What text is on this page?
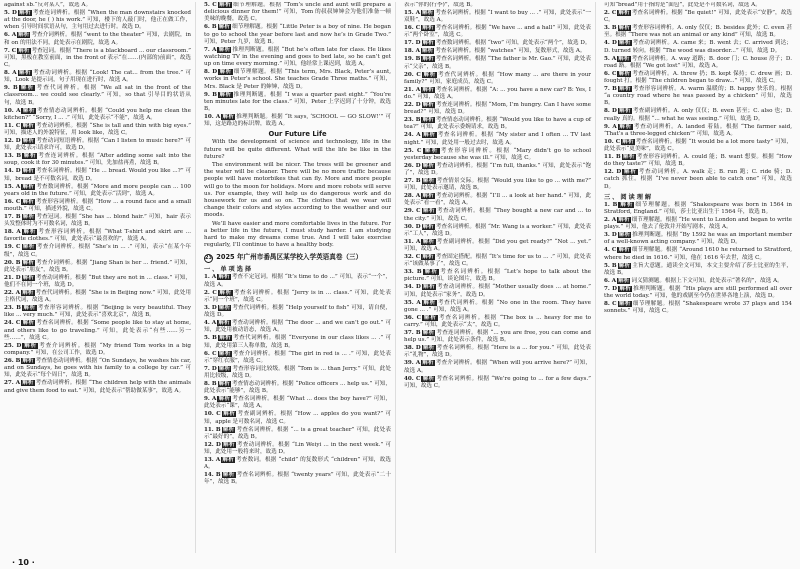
against sb.“反对某人”，故选 A。
5. D 解析 考查连词辨析。根据 “When the man downstairs knocked at the door, he ( ) his work.” 可知，楼下的人敲门时，他正在做工作，when 引导时间状语从句，主句用过去进行时。故选 D。
6. A 解析 考查介词辨析。根据 “went to the theater” 可知，去剧院，in 和 on 的用法不同，此处表示在剧院，故选 A。
7. C 解析 考查冠词。根据 “There is a blackboard ... our classroom.” 可知，黑板在教室前面，in the front of 表示“在……(内部的)前面”，故选 C。
8. A 解析 考查动词辨析。根据 “Look! The cat... from the tree.” 可知，Look 是提示词，句子用现在进行时，故选 A。
9. B 解析 考查代词辨析。根据 “We all sat in the front of the classroom... we could see clearly.” 可知，so that 引导目的状语从句，故选 B。
10. A 解析 考查情态动词辨析。根据 “Could you help me clean the kitchen?” “Sorry, I ... .” 可知，此处表示“不能”，故选 A。
11. C 解析 考查动词辨析。根据 “She is tall and thin with big eyes.” 可知，描述人的外貌特征，用 look like，故选 C。
12. D 解析 考查动词短语辨析。根据 “Can I listen to music here?” 可知，此处表示请求许可，故选 D。
13. B 解析 考查连词辨析。根据 “After adding some salt into the soup, cook it for 30 minutes.” 可知，先加盐再煮，故选 B。
14. D 解析 考查名词辨析。根据 “He ... bread. Would you like ...?” 可知，bread 是不可数名词，故选 D。
15. A 解析 考查数词辨析。根据 “More and more people can ... 100 years old in the future.” 可知，此处表示“活到”，故选 A。
16. C 解析 考查形容词辨析。根据 “How ... a round face and a small mouth.” 可知，描述外貌，故选 C。
17. B 解析 考查冠词。根据 “She has ... blond hair.” 可知，hair 表示头发整体时为不可数名词，故选 B。
18. A 解析 考查形容词辨析。根据 “What T-shirt and skirt are ... favorite clothes.” 可知，此处表示“最喜欢的”，故选 A。
19. C 解析 考查介词辨析。根据 “She’s in ... .” 可知，表示“在某个年级”，故选 C。
20. B 解析 考查介词辨析。根据 “Jiang Shan is her ... friend.” 可知，此处表示“朋友”，故选 B。
21. D 解析 考查动词辨析。根据 “But they are not in ... class.” 可知，他们不在同一个班，故选 D。
22. A 解析 考查代词辨析。根据 “She is in Beijing now.” 可知，此处用主格代词，故选 A。
23. B 解析 考查形容词辨析。根据 “Beijing is very beautiful. They like ... very much.” 可知，此处表示“喜欢北京”，故选 B。
24. C 解析 考查名词辨析。根据 “Some people like to stay at home, and others like to go traveling.” 可知，此处表示“有些……另一些……”，故选 C。
25. D 解析 考查介词辨析。根据 “My friend Tom works in a big company.” 可知，在公司工作，故选 D。
26. B 解析 考查情态动词辨析。根据 “On Sundays, he washes his car, and on Sundays, he goes with his family to a college by car.” 可知，此处表示“每个周日”，故选 B。
27. A 解析 考查动词辨析。根据 “The children help with the animals and give them food to eat.” 可知，此处表示“帮助做某事”，故选 A。
5. C 解析 细节理解题。根据 “Tom’s uncle and aunt will prepare a delicious dinner for them!” 可知，Tom 的叔叔婶婶会为他们准备一顿美味的晚餐，故选 C。
6. B 解析 细节理解题。根据 “Little Peter is a boy of nine. He began to go to school the year before last and now he’s in Grade Two.” 可知，Peter 九岁，故选 B。
7. A 解析 推理判断题。根据 “But he’s often late for class. He likes watching TV in the evening and goes to bed late, so he can’t get up on time every morning.” 可知，他经常上课迟到，故选 A。
8. D 解析 细节理解题。根据 “This term, Mrs. Black, Peter’s aunt, works in Peter’s school. She teaches Grade Three maths.” 可知，Mrs. Black 是 Peter 的婶婶，故选 D。
9. B 解析 推理判断题。根据 “I was a quarter past eight.” “You’re ten minutes late for the class.” 可知，Peter 上学迟到了十分钟，故选 B。
10. A 解析 推理判断题。根据 “It says, ‘SCHOOL — GO SLOW!’” 可知，这是路边的标识牌，故选 A。
Our Future Life

With the development of science and technology, life in the future will be quite different. What will the life be like in the future?

The environment will be nicer. The trees will be greener and the water will be cleaner. There will be no more traffic because people will have motorbikes that can fly. More and more people will go to the moon for holidays. More and more robots will serve us. For example, they will help us do dangerous work and do housework for us and so on. The clothes that we wear will change their colors and styles according to the weather and our moods.

We’ll have easier and more comfortable lives in the future. For a better life in the future, I must study harder. I am studying hard to make my dreams come true. And I will take exercise regularly, I’ll continue to have a healthy body.

23 2025 年广州市番禺区某学校入学英语真卷（三）
一、单项选择
1. A 解析 考查不定冠词。根据 “It’s time to do ...” 可知，表示“一个”，故选 A。
2. C 解析 考查名词辨析。根据 “Jerry is in ... class.” 可知，此处表示“同一个班”，故选 C。
3. D 解析 考查代词辨析。根据 “Help yourself to fish” 可知，请自便，故选 D。
4. A 解析 考查动词辨析。根据 “The door ... and we can’t go out.” 可知，此处用被动语态，故选 A。
5. B 解析 考查代词辨析。根据 “Everyone in our class likes ... .” 可知，此处用第三人称单数，故选 B。
6. C 解析 考查介词辨析。根据 “The girl in red is ... .” 可知，此处表示“穿红衣服”，故选 C。
7. D 解析 考查形容词比较级。根据 “Tom is ... than Jerry.” 可知，此处用比较级，故选 D。
8. B 解析 考查情态动词辨析。根据 “Police officers ... help us.” 可知，此处表示“能够”，故选 B。
9. A 解析 考查名词辨析。根据 “What ... does the boy have?” 可知，此处表示“课”，故选 A。
10. C 解析 考查副词辨析。根据 “How ... apples do you want?” 可知，apple 是可数名词，故选 C。
11. B 解析 考查名词辨析。根据 “... is a great teacher” 可知，此处表示“最好的”，故选 B。
12. D 解析 考查动词辨析。根据 “Lin Weiyi ... in the next week.” 可知，此处用一般将来时，故选 D。
13. A 解析 考查数词。根据 “child” 的复数形式 “children” 可知，故选 A。
14. B 解析 考查名词辨析。根据 “twenty years” 可知，此处表示“二十年”，故选 B。
表示“你的(行李)”，故选 B。
15. A 解析 考查名词辨析。根据 “I want to buy ... .” 可知，此处表示“一双鞋”，故选 A。
16. C 解析 考查名词辨析。根据 “We have ... and a hall” 可知，此处表示“两个卧室”，故选 C。
17. D 解析 考查数词辨析。根据 “two” 可知，此处表示“两个”，故选 D。
18. A 解析 考查名词辨析。根据 “watches” 可知，复数形式，故选 A。
19. B 解析 考查名词辨析。根据 “The father is Mr. Gao.” 可知，此处表示“父亲”，故选 B。
20. C 解析 考查代词辨析。根据 “How many ... are there in your family?” 可知，家庭成员，故选 C。
21. A 解析 考查名词辨析。根据 “A: ... you have a new car? B: Yes, I do.” 可知，故选 A。
22. D 解析 考查连词辨析。根据 “Mom, I’m hungry. Can I have some bread?” 可知，故选 D。
23. B 解析 考查情态动词辨析。根据 “Would you like to have a cup of tea?” 可知，此处表示委婉请求，故选 B。
24. A 解析 考查名词辨析。根据 “My sister and I often ... TV last night.” 可知，此处用一般过去时，故选 A。
25. C 解析 考查形容词辨析。根据 “Mary didn’t go to school yesterday because she was ill.” 可知，故选 C。
26. D 解析 考查动词辨析。根据 “I’m full, thanks.” 可知，此处表示“饱了”，故选 D。
27. B 解析 考查情景交际。根据 “Would you like to go ... with me?” 可知，此处表示邀请，故选 B。
28. A 解析 考查动词辨析。根据 “I’ll ... a look at her hand.” 可知，此处表示“看一看”，故选 A。
29. C 解析 考查动词辨析。根据 “They bought a new car and ... to the city.” 可知，故选 C。
30. D 解析 考查名词辨析。根据 “Mr. Wang is a worker.” 可知，此处表示“工人”，故选 D。
31. A 解析 考查副词辨析。根据 “Did you get ready?” “Not ... yet.” 可知，故选 A。
32. C 解析 考查固定搭配。根据 “It’s time for us to ... .” 可知，此处表示“该做某事了”，故选 C。
33. B 解析 考查名词辨析。根据 “Let’s hope to talk about the picture.” 可知，谈论图片，故选 B。
34. D 解析 考查动词辨析。根据 “Mother usually does ... at home.” 可知，此处表示“家务”，故选 D。
35. A 解析 考查代词辨析。根据 “No one in the room. They have gone ... .” 可知，故选 A。
36. C 解析 考查名词辨析。根据 “The box is ... heavy for me to carry.” 可知，此处表示“太”，故选 C。
37. B 解析 考查连词辨析。根据 “... you are free, you can come and help us.” 可知，此处表示条件，故选 B。
38. D 解析 考查名词辨析。根据 “Here is a ... for you.” 可知，此处表示“礼物”，故选 D。
39. A 解析 考查介词辨析。根据 “When will you arrive here?” 可知，故选 A。
40. C 解析 考查名词辨析。根据 “We’re going to ... for a few days.” 可知，故选 C。
可知“bread”用于指的是“面包”，此处是不可数名词，故选 A。
2. C 解析 考查名词辨析。根据 “Be quiet!” 可知，此处表示“安静”，故选 C。
3. B 解析 考查形容词辨析。A. only 仅仅；B. besides 此外；C. even 甚至。根据 “There was not an animal or any kind” 可知，故选 B。
4. D 解析 考查动词辨析。A. came 来；B. went 去；C. arrived 到达；D. turned 转向。根据 “The wood was disorder...” 可知，故选 D。
5. A 解析 考查名词辨析。A. way 道路；B. door 门；C. house 房子；D. road 路。根据 “We got lost” 可知，故选 A。
6. C 解析 考查动词辨析。A. threw 扔；B. kept 保持；C. drew 画；D. fought 打。根据 “The children began to draw...” 可知，故选 C。
7. B 解析 考查形容词辨析。A. warm 温暖的；B. happy 快乐的。根据 “a country road where he was passed by a chicken” 可知，故选 B。
8. D 解析 考查副词辨析。A. only 仅仅；B. even 甚至；C. also 也；D. really 真的。根据 “... what he was seeing.” 可知，故选 D。
9. A 解析 考查动词辨析。A. landed 着陆。根据 “The farmer said, ‘That’s a three-legged chicken’” 可知，故选 A。
10. C 解析 考查名词辨析。根据 “It would be a lot more tasty” 可知，此处表示“更美味”，故选 C。
11. B 解析 考查形容词辨析。A. could 能；B. want 想要。根据 “How do they taste?” 可知，故选 B。
12. D 解析 考查动词辨析。A. walk 走；B. run 跑；C. ride 骑；D. catch 抓住。根据 “I’ve never been able to catch one” 可知，故选 D。
三、阅读理解
1. B 解析 细节理解题。根据 “Shakespeare was born in 1564 in Stratford, England.” 可知，莎士比亚出生于 1564 年，故选 B。
2. A 解析 细节理解题。根据 “He went to London and began to write plays.” 可知，他去了伦敦并开始写剧本，故选 A。
3. D 解析 推理判断题。根据 “By 1592 he was an important member of a well-known acting company.” 可知，故选 D。
4. C 解析 细节理解题。根据 “Around 1610 he returned to Stratford, where he died in 1616.” 可知，他在 1616 年去世，故选 C。
5. B 解析 主旨大意题。通读全文可知，本文主要介绍了莎士比亚的生平，故选 B。
6. A 解析 词义猜测题。根据上下文可知，此处表示“著名的”，故选 A。
7. D 解析 推理判断题。根据 “His plays are still performed all over the world today.” 可知，他的戏剧至今仍在世界各地上演，故选 D。
8. C 解析 细节理解题。根据 “Shakespeare wrote 37 plays and 154 sonnets.” 可知，故选 C。
· 10 ·
